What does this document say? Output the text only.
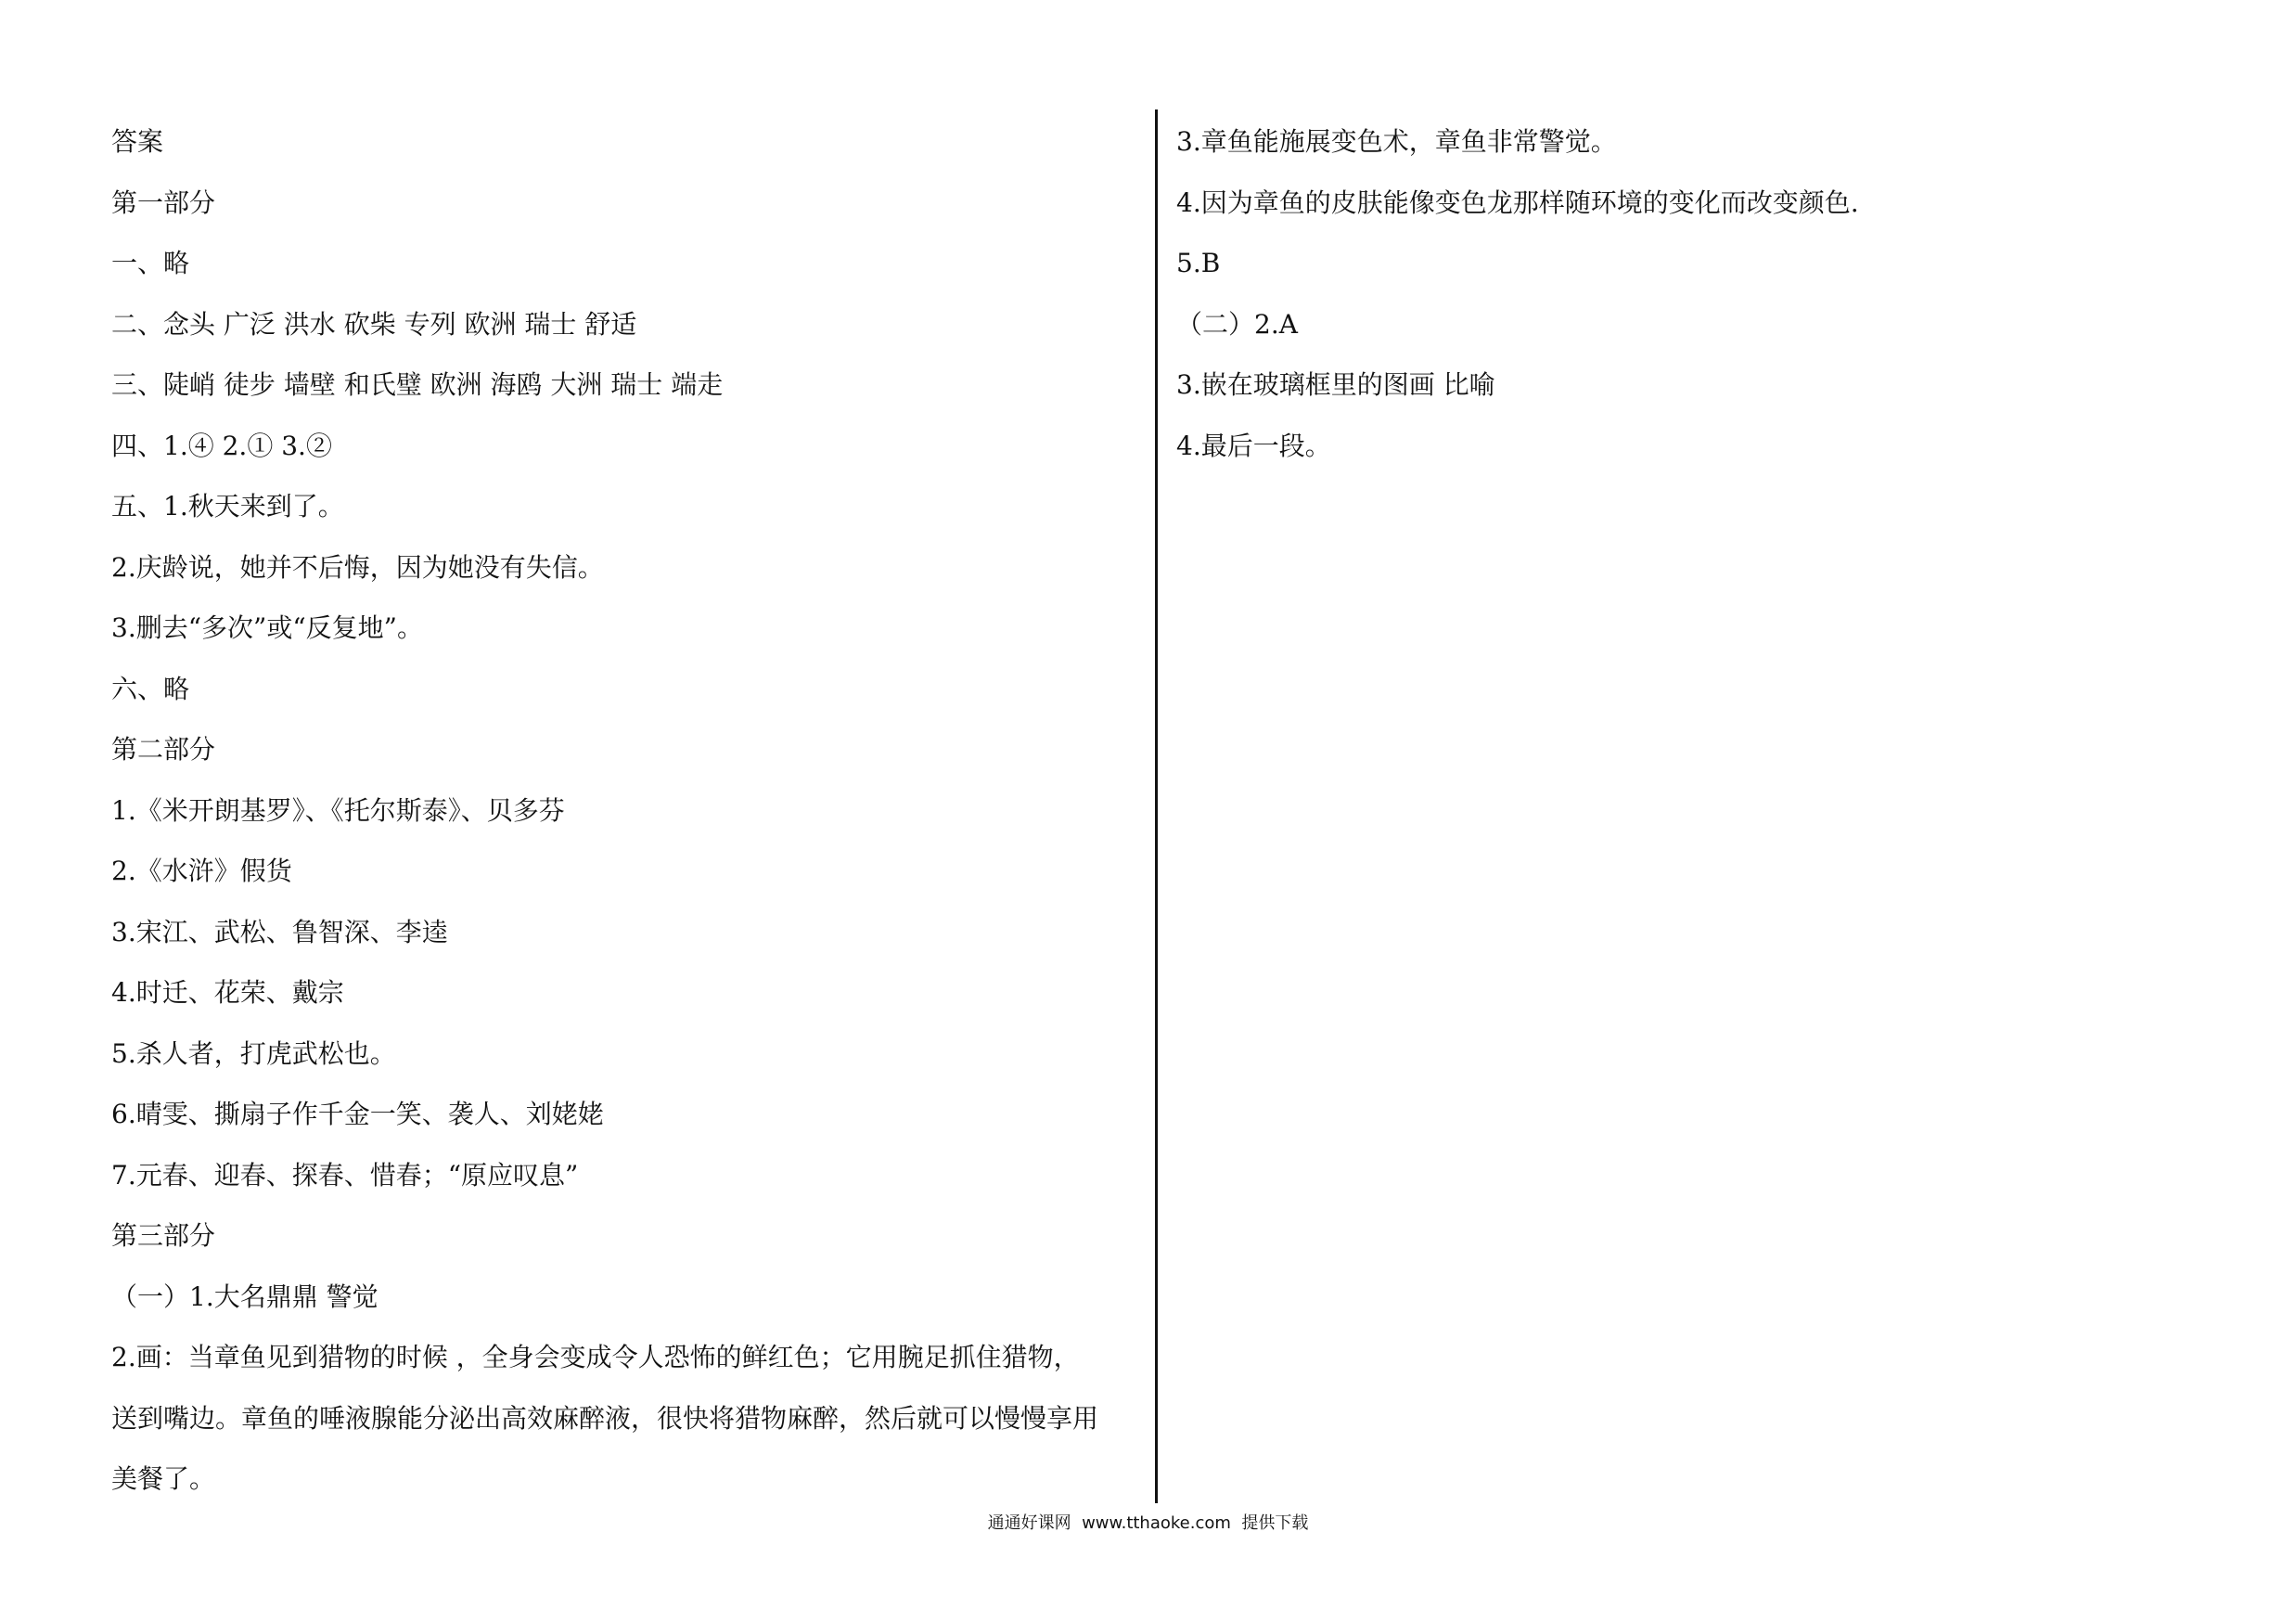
答案
第一部分
一、略
二、念头 广泛 洪水 砍柴 专列 欧洲 瑞士 舒适
三、陡峭 徒步 墙壁 和氏璧 欧洲 海鸥 大洲 瑞士 端走
四、1.④ 2.① 3.②
五、1.秋天来到了。
2.庆龄说，她并不后悔，因为她没有失信。
3.删去“多次”或“反复地”。
六、略
第二部分
1.《米开朗基罗》、《托尔斯泰》、贝多芬
2.《水浒》假货
3.宋江、武松、鲁智深、李逵
4.时迁、花荣、戴宗
5.杀人者，打虎武松也。
6.晴雯、撕扇子作千金一笑、袭人、刘姥姥
7.元春、迎春、探春、惜春；“原应叹息”
第三部分
（一）1.大名鼎鼎 警觉
2.画：当章鱼见到猎物的时候 ，全身会变成令人恐怖的鲜红色；它用腕足抓住猎物，
送到嘴边。章鱼的唾液腺能分泌出高效麻醉液，很快将猎物麻醉，然后就可以慢慢享用
美餐了。
3.章鱼能施展变色术，章鱼非常警觉。
4.因为章鱼的皮肤能像变色龙那样随环境的变化而改变颜色.
5.B
（二）2.A
3.嵌在玻璃框里的图画 比喻
4.最后一段。
通通好课网  www.tthaoke.com  提供下载
